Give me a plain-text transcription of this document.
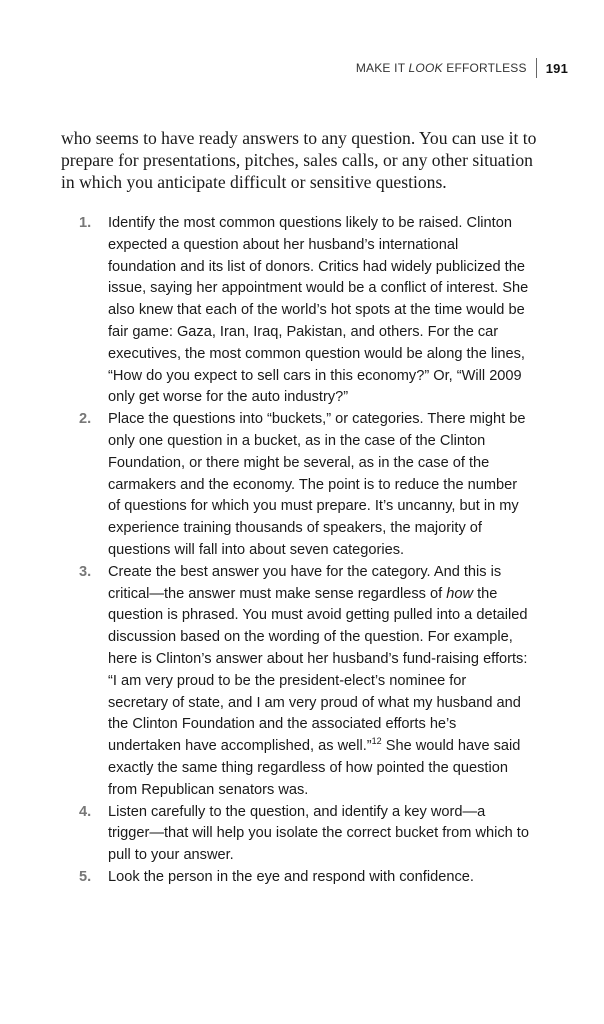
MAKE IT LOOK EFFORTLESS 191

who seems to have ready answers to any question. You can use it to prepare for presentations, pitches, sales calls, or any other situation in which you anticipate difficult or sensitive questions.

1.	Identify the most common questions likely to be raised. Clinton expected a question about her husband’s international foundation and its list of donors. Critics had widely publicized the issue, saying her appointment would be a conflict of interest. She also knew that each of the world’s hot spots at the time would be fair game: Gaza, Iran, Iraq, Pakistan, and others. For the car executives, the most common question would be along the lines, “How do you expect to sell cars in this economy?” Or, “Will 2009 only get worse for the auto industry?”
2.	Place the questions into “buckets,” or categories. There might be only one question in a bucket, as in the case of the Clinton Foundation, or there might be several, as in the case of the carmakers and the economy. The point is to reduce the number of questions for which you must prepare. It’s uncanny, but in my experience training thousands of speakers, the majority of questions will fall into about seven categories.
3.	Create the best answer you have for the category. And this is critical—the answer must make sense regardless of how the question is phrased. You must avoid getting pulled into a detailed discussion based on the wording of the question. For example, here is Clinton’s answer about her husband’s fund-raising efforts: “I am very proud to be the president-elect’s nominee for secretary of state, and I am very proud of what my husband and the Clinton Foundation and the associated efforts he’s undertaken have accomplished, as well.”$^{12}$ She would have said exactly the same thing regardless of how pointed the question from Republican senators was.
4.	Listen carefully to the question, and identify a key word—a trigger—that will help you isolate the correct bucket from which to pull to your answer.
5.	Look the person in the eye and respond with confidence.
